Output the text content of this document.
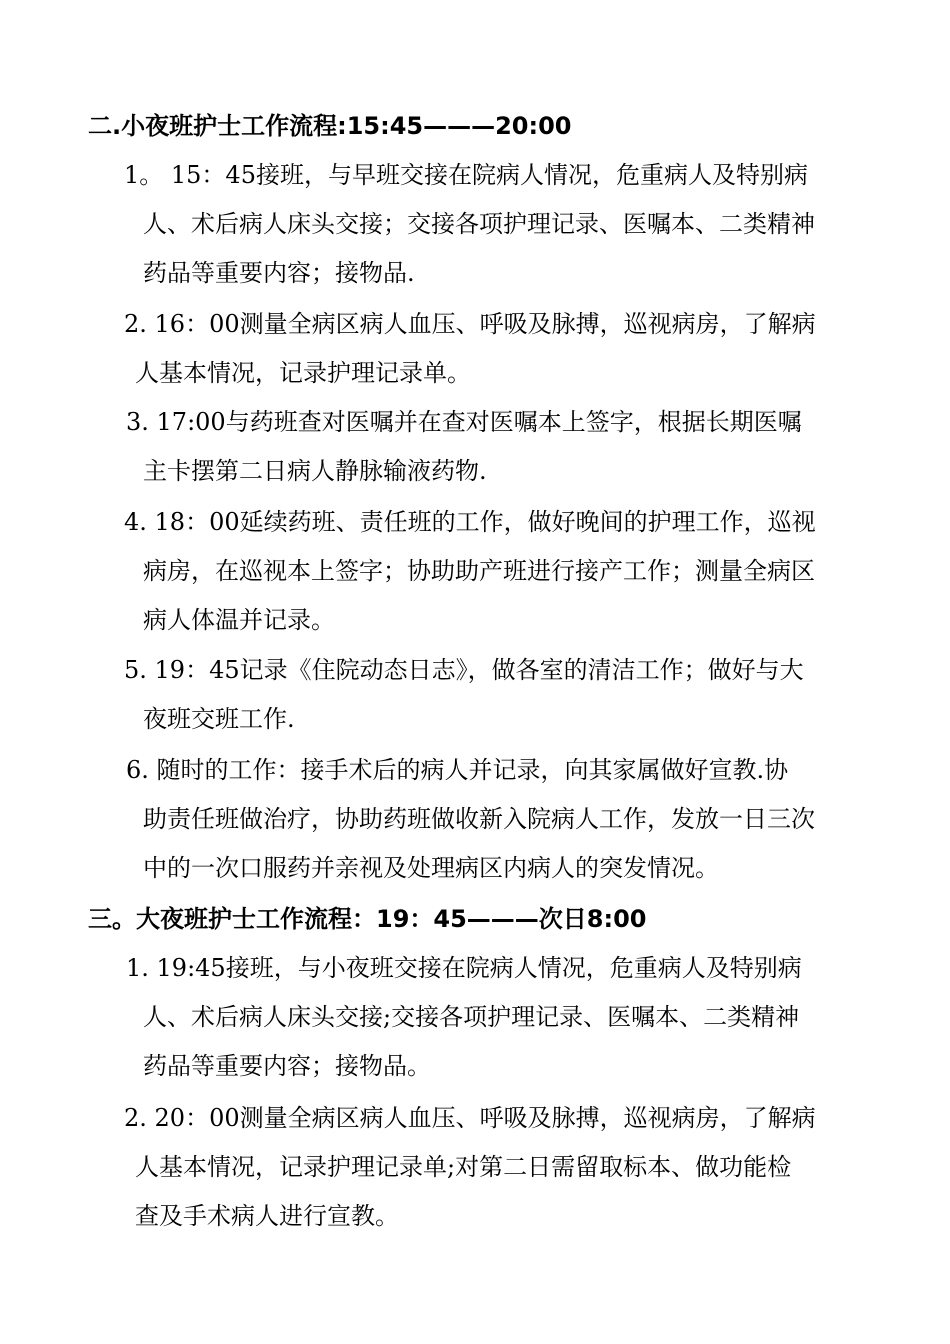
二.小夜班护士工作流程:15:45———20:00
1。 15：45接班，与早班交接在院病人情况，危重病人及特别病
人、术后病人床头交接；交接各项护理记录、医嘱本、二类精神
药品等重要内容；接物品.
2. 16：00测量全病区病人血压、呼吸及脉搏，巡视病房，了解病
人基本情况，记录护理记录单。
3. 17:00与药班查对医嘱并在查对医嘱本上签字，根据长期医嘱
主卡摆第二日病人静脉输液药物.
4. 18：00延续药班、责任班的工作，做好晚间的护理工作，巡视
病房，在巡视本上签字；协助助产班进行接产工作；测量全病区
病人体温并记录。
5. 19：45记录《住院动态日志》，做各室的清洁工作；做好与大
夜班交班工作.
6. 随时的工作：接手术后的病人并记录，向其家属做好宣教.协
助责任班做治疗，协助药班做收新入院病人工作，发放一日三次
中的一次口服药并亲视及处理病区内病人的突发情况。
三。大夜班护士工作流程：19：45———次日8:00
1. 19:45接班，与小夜班交接在院病人情况，危重病人及特别病
人、术后病人床头交接;交接各项护理记录、医嘱本、二类精神
药品等重要内容；接物品。
2. 20：00测量全病区病人血压、呼吸及脉搏，巡视病房，了解病
人基本情况，记录护理记录单;对第二日需留取标本、做功能检
查及手术病人进行宣教。
